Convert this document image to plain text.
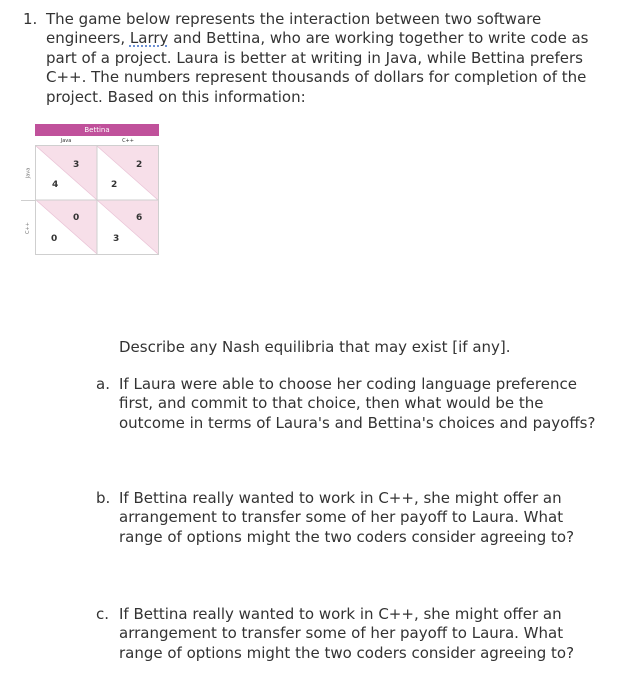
1. The game below represents the interaction between two software engineers, Larry and Bettina, who are working together to write code as part of a project. Laura is better at writing in Java, while Bettina prefers C++. The numbers represent thousands of dollars for completion of the project. Based on this information:
Bettina
Java	C++
Java
C++
3
4
2
2
0
0
6
3
Describe any Nash equilibria that may exist [if any].
a. If Laura were able to choose her coding language preference first, and commit to that choice, then what would be the outcome in terms of Laura's and Bettina's choices and payoffs?
b. If Bettina really wanted to work in C++, she might offer an arrangement to transfer some of her payoff to Laura. What range of options might the two coders consider agreeing to?
c. If Bettina really wanted to work in C++, she might offer an arrangement to transfer some of her payoff to Laura. What range of options might the two coders consider agreeing to?
